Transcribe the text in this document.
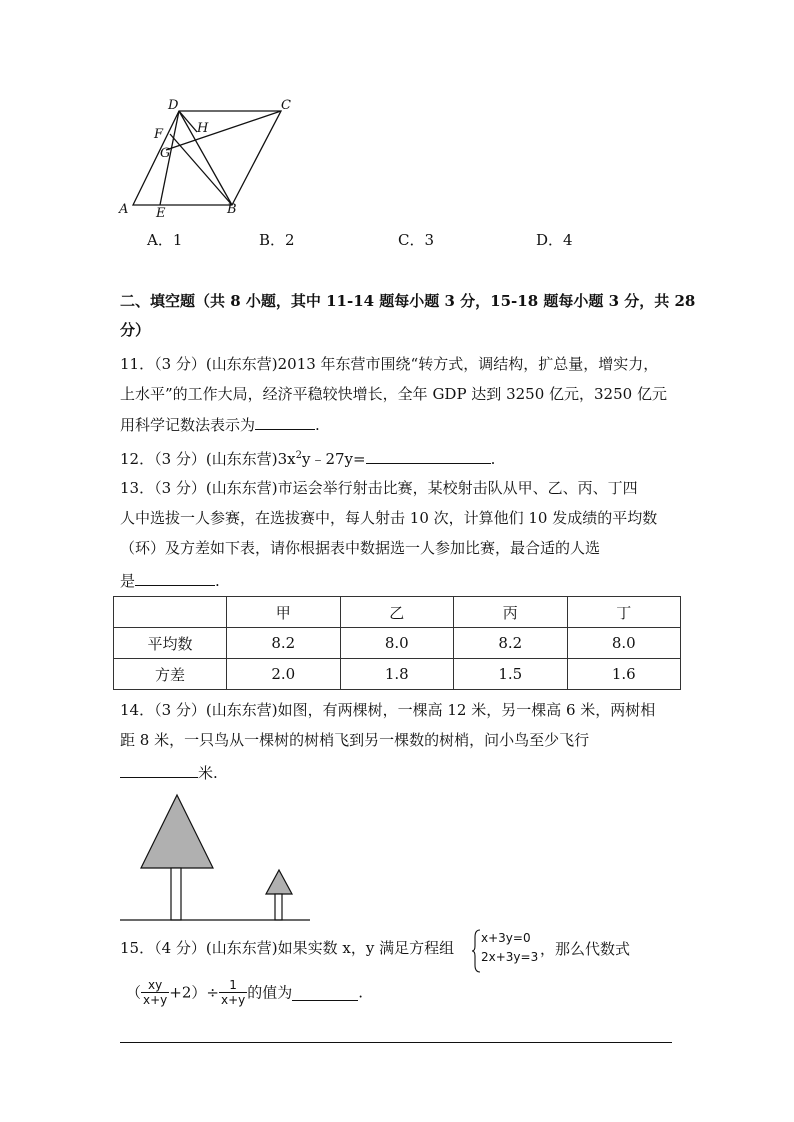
D	C
F	H
G
A E	B
A．1	B．2	C．3	D．4
二、填空题（共 8 小题，其中 11-14 题每小题 3 分，15-18 题每小题 3 分，共 28
分）
11．（3 分）(山东东营)2013 年东营市围绕“转方式，调结构，扩总量，增实力，
上水平”的工作大局，经济平稳较快增长，全年 GDP 达到 3250 亿元，3250 亿元
用科学记数法表示为	.
12．（3 分）(山东东营)$3x^2y﹣27y=$	.
13．（3 分）(山东东营)市运会举行射击比赛，某校射击队从甲、乙、丙、丁四
人中选拔一人参赛，在选拔赛中，每人射击 10 次，计算他们 10 发成绩的平均数
（环）及方差如下表，请你根据表中数据选一人参加比赛，最合适的人选
是	.
	甲	乙	丙	丁
平均数	8.2	8.0	8.2	8.0
方差	2.0	1.8	1.5	1.6
14．（3 分）(山东东营)如图，有两棵树，一棵高 12 米，另一棵高 6 米，两树相
距 8 米，一只鸟从一棵树的树梢飞到另一棵数的树梢，问小鸟至少飞行
米.
15．（4 分）(山东东营)如果实数 x，y 满足方程组
x+3y=0
2x+3y=3 ，那么代数式
（ $\frac{xy}{x+y} +2)\div \frac{1}{x+y}$ 的值为	.
